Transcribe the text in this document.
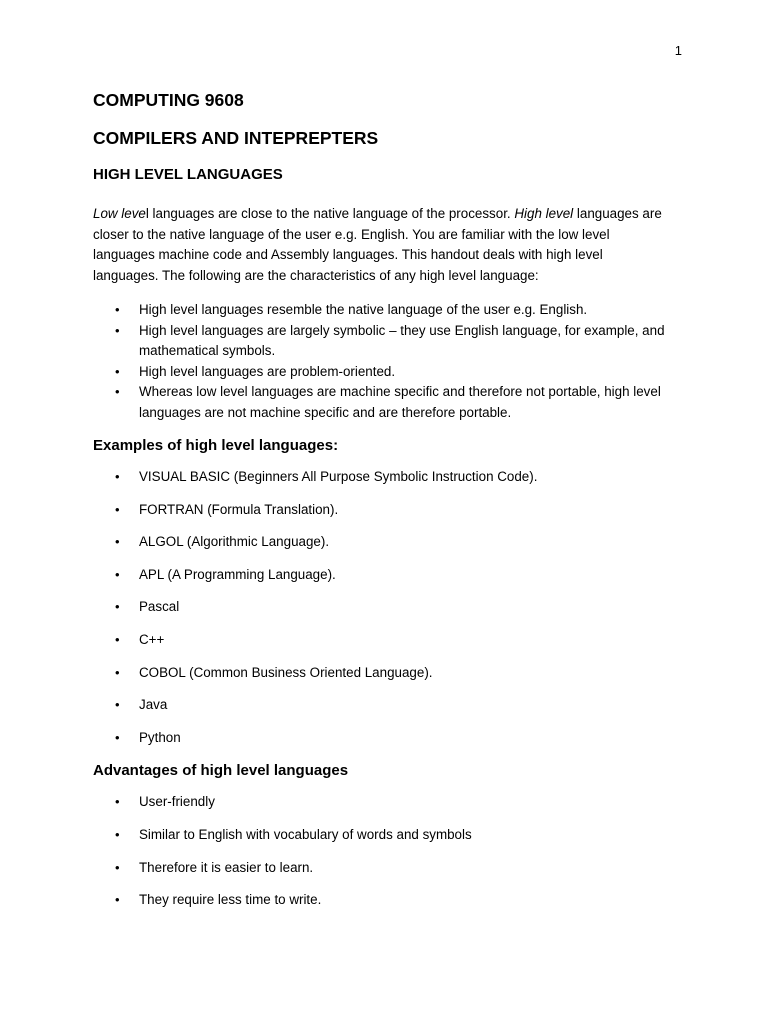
1
COMPUTING 9608
COMPILERS AND INTEPREPTERS
HIGH LEVEL LANGUAGES

Low level languages are close to the native language of the processor. High level languages are closer to the native language of the user e.g. English. You are familiar with the low level languages machine code and Assembly languages. This handout deals with high level languages. The following are the characteristics of any high level language:

• High level languages resemble the native language of the user e.g. English.
• High level languages are largely symbolic – they use English language, for example, and mathematical symbols.
• High level languages are problem-oriented.
• Whereas low level languages are machine specific and therefore not portable, high level languages are not machine specific and are therefore portable.
Examples of high level languages:
• VISUAL BASIC (Beginners All Purpose Symbolic Instruction Code).
• FORTRAN (Formula Translation).
• ALGOL (Algorithmic Language).
• APL (A Programming Language).
• Pascal
• C++
• COBOL (Common Business Oriented Language).
• Java
• Python
Advantages of high level languages
• User-friendly
• Similar to English with vocabulary of words and symbols
• Therefore it is easier to learn.
• They require less time to write.
